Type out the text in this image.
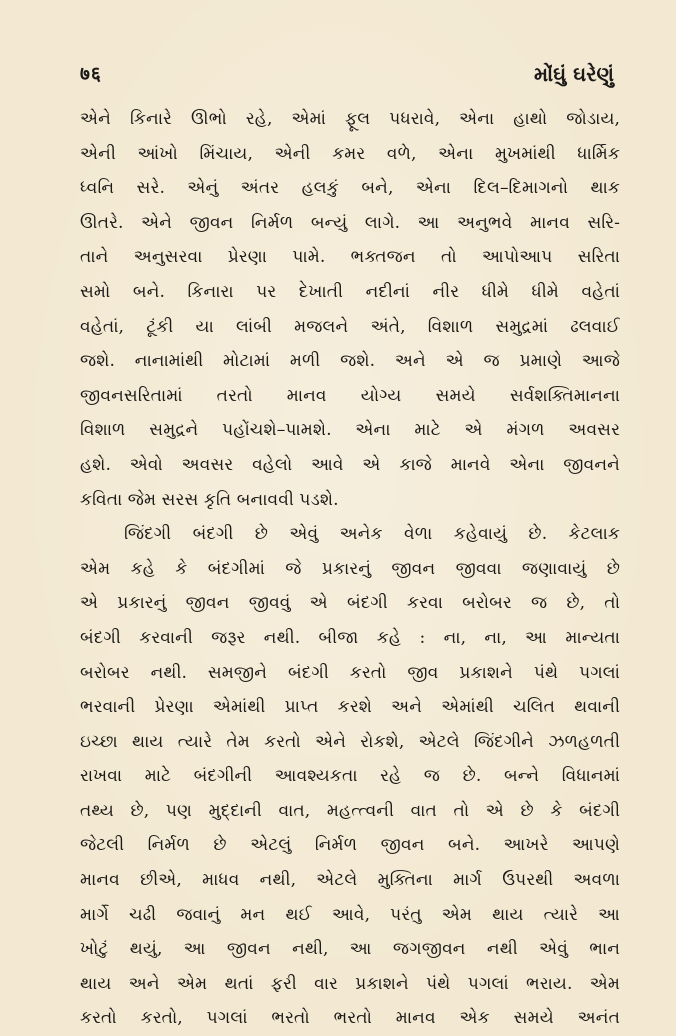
७६	મોંઘું ઘરેણું
એને કિનારે ઊભો રહે, એમાં ફૂલ પધરાવે, એના હાથો જોડાય,
એની આંખો મિંચાય, એની કમર વળે, એના મુખમાંથી ધાર્મિક
ધ્વનિ સરે. એનું અંતર હલકું બને, એના દિલ–દિમાગનો થાક
ઊતરે. એને જીવન નિર્મળ બન્યું લાગે. આ અનુભવે માનવ સરિ-
તાને અનુસરવા પ્રેરણા પામે. ભક્તજન તો આપોઆપ સરિતા
સમો બને. કિનારા પર દેખાતી નદીનાં નીર ધીમે ધીમે વહેતાં
વહેતાં, ટૂંકી યા લાંબી મજલને અંતે, વિશાળ સમુદ્રમાં ઢલવાઈ
જશે. નાનામાંથી મોટામાં મળી જશે. અને એ જ પ્રમાણે આજે
જીવનસરિતામાં તરતો માનવ યોગ્ય સમયે સર્વશક્તિમાનના
વિશાળ સમુદ્રને પહોંચશે–પામશે. એના માટે એ મંગળ અવસર
હશે. એવો અવસર વહેલો આવે એ કાજે માનવે એના જીવનને
કવિતા જેમ સરસ કૃતિ બનાવવી પડશે.
જિંદગી બંદગી છે એવું અનેક વેળા કહેવાયું છે. કેટલાક
એમ કહે કે બંદગીમાં જે પ્રકારનું જીવન જીવવા જણાવાયું છે
એ પ્રકારનું જીવન જીવવું એ બંદગી કરવા બરોબર જ છે, તો
બંદગી કરવાની જરૂર નથી. બીજા કહે : ના, ના, આ માન્યતા
બરોબર નથી. સમજીને બંદગી કરતો જીવ પ્રકાશને પંથે પગલાં
ભરવાની પ્રેરણા એમાંથી પ્રાપ્ત કરશે અને એમાંથી ચલિત થવાની
ઇચ્છા થાય ત્યારે તેમ કરતો એને રોકશે, એટલે જિંદગીને ઝળહળતી
રાખવા માટે બંદગીની આવશ્યકતા રહે જ છે. બન્ને વિધાનમાં
તથ્ય છે, પણ મુદ્દાની વાત, મહત્ત્વની વાત તો એ છે કે બંદગી
જેટલી નિર્મળ છે એટલું નિર્મળ જીવન બને. આખરે આપણે
માનવ છીએ, માધવ નથી, એટલે મુક્તિના માર્ગ ઉપરથી અવળા
માર્ગે ચઢી જવાનું મન થઈ આવે, પરંતુ એમ થાય ત્યારે આ
ખોટું થયું, આ જીવન નથી, આ જગજીવન નથી એવું ભાન
થાય અને એમ થતાં ફરી વાર પ્રકાશને પંથે પગલાં ભરાય. એમ
કરતો કરતો, પગલાં ભરતો ભરતો માનવ એક સમયે અનંત
